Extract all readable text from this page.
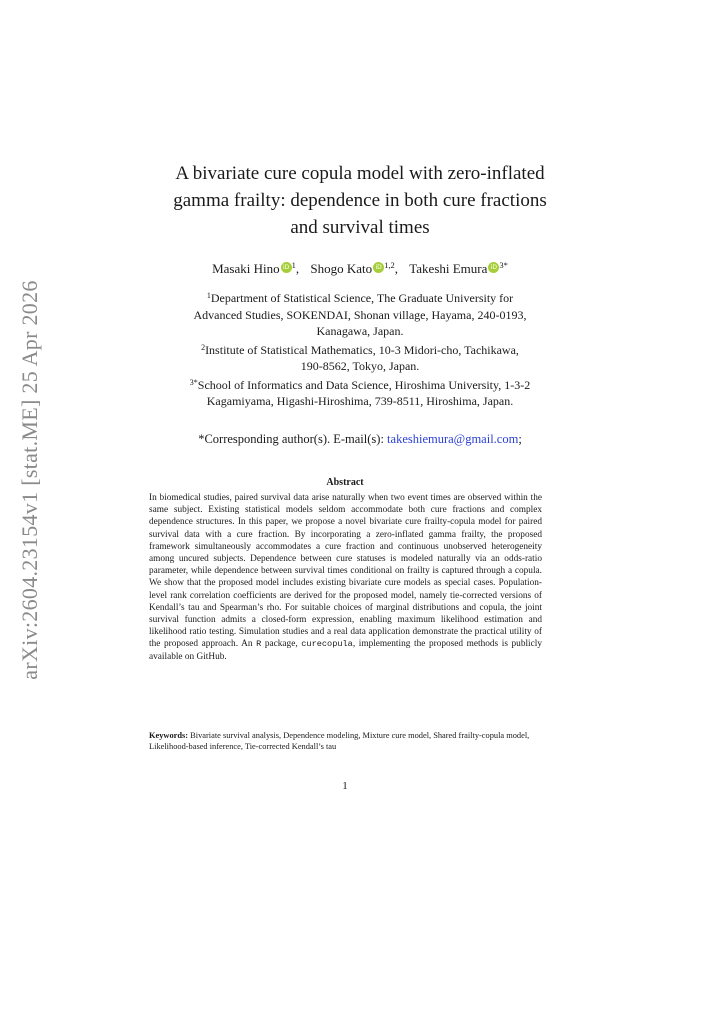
arXiv:2604.23154v1 [stat.ME] 25 Apr 2026
A bivariate cure copula model with zero-inflated
gamma frailty: dependence in both cure fractions
and survival times
Masaki Hino iD $^1$, Shogo Kato iD $^{1,2}$, Takeshi Emura iD $^{3*}$
$^1$Department of Statistical Science, The Graduate University for
Advanced Studies, SOKENDAI, Shonan village, Hayama, 240-0193,
Kanagawa, Japan.
$^2$Institute of Statistical Mathematics, 10-3 Midori-cho, Tachikawa,
190-8562, Tokyo, Japan.
$^{3*}$School of Informatics and Data Science, Hiroshima University, 1-3-2
Kagamiyama, Higashi-Hiroshima, 739-8511, Hiroshima, Japan.
*Corresponding author(s). E-mail(s): takeshiemura@gmail.com;
Abstract
In biomedical studies, paired survival data arise naturally when two event times are observed within the same subject. Existing statistical models seldom accommodate both cure fractions and complex dependence structures. In this paper, we propose a novel bivariate cure frailty-copula model for paired survival data with a cure fraction. By incorporating a zero-inflated gamma frailty, the proposed framework simultaneously accommodates a cure fraction and continuous unobserved heterogeneity among uncured subjects. Dependence between cure statuses is modeled naturally via an odds-ratio parameter, while dependence between survival times conditional on frailty is captured through a copula. We show that the proposed model includes existing bivariate cure models as special cases. Population-level rank correlation coefficients are derived for the proposed model, namely tie-corrected versions of Kendall’s tau and Spearman’s rho. For suitable choices of marginal distributions and copula, the joint survival function admits a closed-form expression, enabling maximum likelihood estimation and likelihood ratio testing. Simulation studies and a real data application demonstrate the practical utility of the proposed approach. An R package, curecopula, implementing the proposed methods is publicly available on GitHub.
Keywords: Bivariate survival analysis, Dependence modeling, Mixture cure model, Shared frailty-copula model, Likelihood-based inference, Tie-corrected Kendall’s tau
1
